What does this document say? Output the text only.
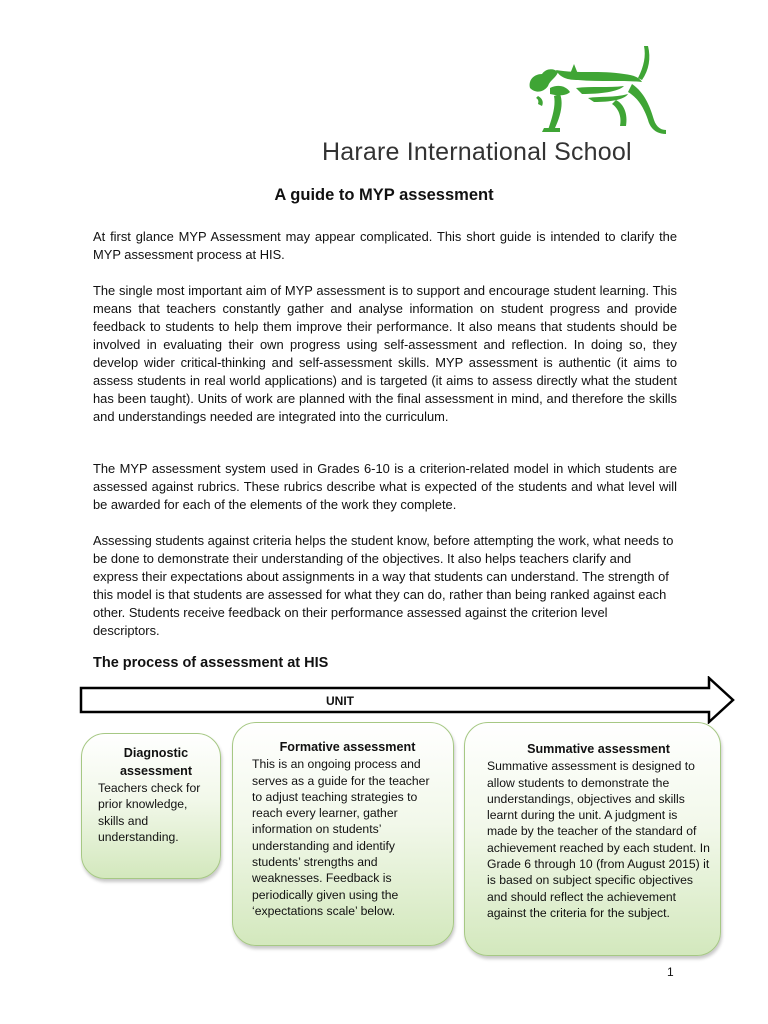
Harare International School
A guide to MYP assessment

At first glance MYP Assessment may appear complicated. This short guide is intended to clarify the MYP assessment process at HIS.

The single most important aim of MYP assessment is to support and encourage student learning. This means that teachers constantly gather and analyse information on student progress and provide feedback to students to help them improve their performance. It also means that students should be involved in evaluating their own progress using self-assessment and reflection. In doing so, they develop wider critical-thinking and self-assessment skills. MYP assessment is authentic (it aims to assess students in real world applications) and is targeted (it aims to assess directly what the student has been taught). Units of work are planned with the final assessment in mind, and therefore the skills and understandings needed are integrated into the curriculum.

The MYP assessment system used in Grades 6-10 is a criterion-related model in which students are assessed against rubrics. These rubrics describe what is expected of the students and what level will be awarded for each of the elements of the work they complete.

Assessing students against criteria helps the student know, before attempting the work, what needs to be done to demonstrate their understanding of the objectives. It also helps teachers clarify and express their expectations about assignments in a way that students can understand. The strength of this model is that students are assessed for what they can do, rather than being ranked against each other. Students receive feedback on their performance assessed against the criterion level descriptors.

The process of assessment at HIS
UNIT
Diagnostic assessment
Teachers check for prior knowledge, skills and understanding.
Formative assessment
This is an ongoing process and serves as a guide for the teacher to adjust teaching strategies to reach every learner, gather information on students’ understanding and identify students’ strengths and weaknesses. Feedback is periodically given using the ‘expectations scale’ below.
Summative assessment
Summative assessment is designed to allow students to demonstrate the understandings, objectives and skills learnt during the unit. A judgment is made by the teacher of the standard of achievement reached by each student. In Grade 6 through 10 (from August 2015) it is based on subject specific objectives and should reflect the achievement against the criteria for the subject.
1
